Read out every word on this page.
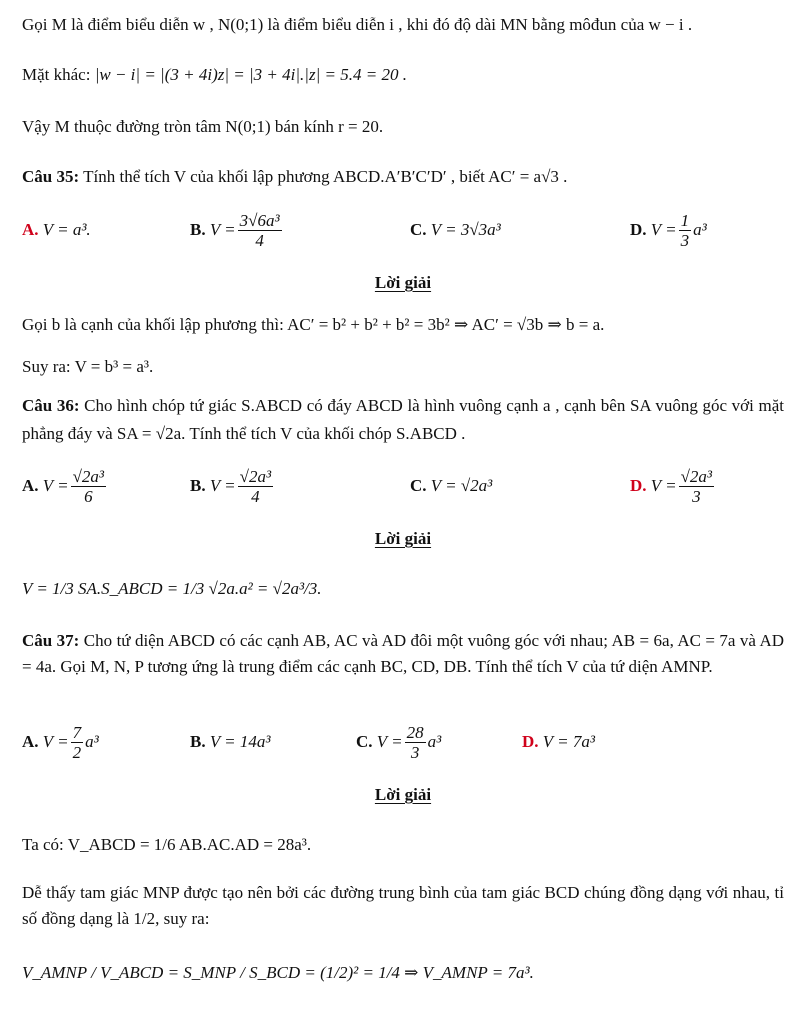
Gọi M là điểm biểu diễn w , N(0;1) là điểm biểu diễn i , khi đó độ dài MN bằng môđun của w − i .
Mặt khác: |w − i| = |(3 + 4i)z| = |3 + 4i|.|z| = 5.4 = 20 .
Vậy M thuộc đường tròn tâm N(0;1) bán kính r = 20.
Câu 35: Tính thể tích V của khối lập phương ABCD.A′B′C′D′ , biết AC′ = a√3 .
A.
V = a³.	B.
$V = \frac{\text{3√6a³}}{4}$	C.
V = 3√3a³	D.
$V = \frac{1}{3} a^3$
Lời giải
Gọi b là cạnh của khối lập phương thì: AC′ = b² + b² + b² = 3b² ⇒ AC′ = √3b ⇒ b = a.
Suy ra: V = b³ = a³.
Câu 36: Cho hình chóp tứ giác S.ABCD có đáy ABCD là hình vuông cạnh a , cạnh bên SA vuông góc với mặt phẳng đáy và SA = √2a. Tính thể tích V của khối chóp S.ABCD .
A.
$V = \frac{\text{√2a³}}{6}$	B.
$V = \frac{\text{√2a³}}{4}$	C.
V = √2a³	D.
$V = \frac{\text{√2a³}}{3}$
Lời giải
V = 1/3 SA.S_ABCD = 1/3 √2a.a² = √2a³/3.
Câu 37: Cho tứ diện ABCD có các cạnh AB, AC và AD đôi một vuông góc với nhau; AB = 6a, AC = 7a và AD = 4a. Gọi M, N, P tương ứng là trung điểm các cạnh BC, CD, DB. Tính thể tích V của tứ diện AMNP.
A.
$V = \frac{7}{2} a^3$	B.
V = 14a³	C.
$V = \frac{28}{3} a^3$	D.
V = 7a³
Lời giải
Ta có: V_ABCD = 1/6 AB.AC.AD = 28a³.
Dễ thấy tam giác MNP được tạo nên bởi các đường trung bình của tam giác BCD chúng đồng dạng với nhau, tỉ số đồng dạng là 1/2, suy ra:
V_AMNP / V_ABCD = S_MNP / S_BCD = (1/2)² = 1/4 ⇒ V_AMNP = 7a³.
